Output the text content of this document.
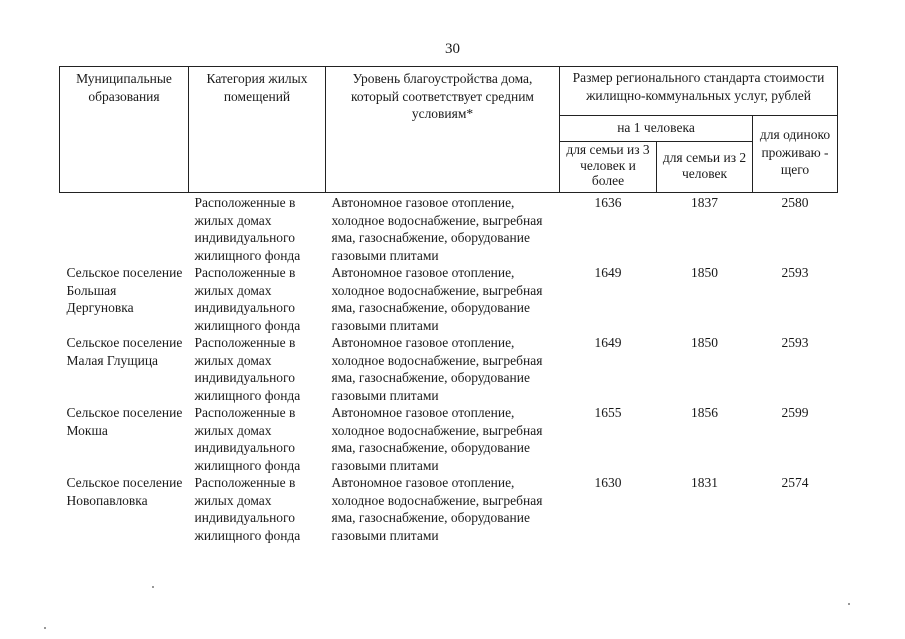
30
Муниципальные образования	Категория жилых помещений	Уровень благоустройства дома, который соответствует средним условиям*	Размер регионального стандарта стоимости жилищно-коммунальных услуг, рублей		
			на 1 человека		для одиноко проживаю - щего
			для семьи из 3 человек и более	для семьи из 2 человек	
	Расположенные в жилых домах индивидуального жилищного фонда	Автономное газовое отопление, холодное водоснабжение, выгребная яма, газоснабжение, оборудование газовыми плитами	1636	1837	2580
Сельское поселение Большая Дергуновка	Расположенные в жилых домах индивидуального жилищного фонда	Автономное газовое отопление, холодное водоснабжение, выгребная яма, газоснабжение, оборудование газовыми плитами	1649	1850	2593
Сельское поселение Малая Глущица	Расположенные в жилых домах индивидуального жилищного фонда	Автономное газовое отопление, холодное водоснабжение, выгребная яма, газоснабжение, оборудование газовыми плитами	1649	1850	2593
Сельское поселение Мокша	Расположенные в жилых домах индивидуального жилищного фонда	Автономное газовое отопление, холодное водоснабжение, выгребная яма, газоснабжение, оборудование газовыми плитами	1655	1856	2599
Сельское поселение Новопавловка	Расположенные в жилых домах индивидуального жилищного фонда	Автономное газовое отопление, холодное водоснабжение, выгребная яма, газоснабжение, оборудование газовыми плитами	1630	1831	2574
